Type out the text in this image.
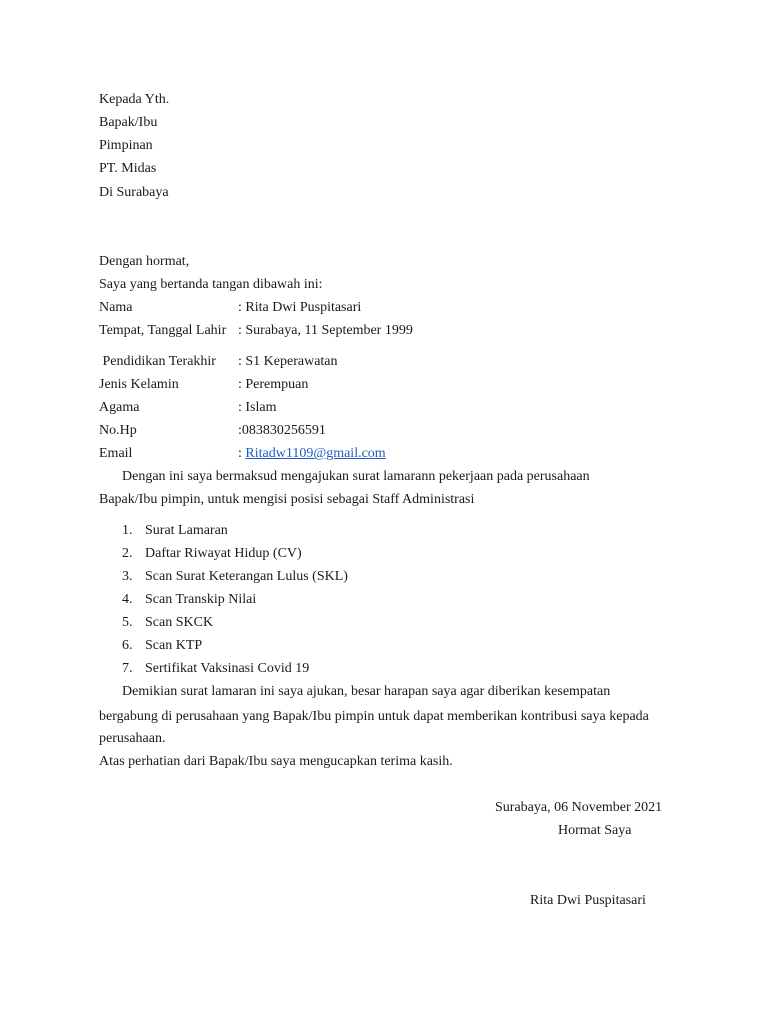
Kepada Yth.
Bapak/Ibu
Pimpinan
PT. Midas
Di Surabaya
Dengan hormat,
Saya yang bertanda tangan dibawah ini:
Nama	: Rita Dwi Puspitasari
Tempat, Tanggal Lahir : Surabaya, 11 September 1999
Pendidikan Terakhir : S1 Keperawatan
Jenis Kelamin	: Perempuan
Agama	: Islam
No.Hp	:083830256591
Email	: Ritadw1109@gmail.com
Dengan ini saya bermaksud mengajukan surat lamarann pekerjaan pada perusahaan
Bapak/Ibu pimpin, untuk mengisi posisi sebagai Staff Administrasi
1. Surat Lamaran
2. Daftar Riwayat Hidup (CV)
3. Scan Surat Keterangan Lulus (SKL)
4. Scan Transkip Nilai
5. Scan SKCK
6. Scan KTP
7. Sertifikat Vaksinasi Covid 19
Demikian surat lamaran ini saya ajukan, besar harapan saya agar diberikan kesempatan
bergabung di perusahaan yang Bapak/Ibu pimpin untuk dapat memberikan kontribusi saya kepada
perusahaan.
Atas perhatian dari Bapak/Ibu saya mengucapkan terima kasih.
Surabaya, 06 November 2021
Hormat Saya
Rita Dwi Puspitasari
